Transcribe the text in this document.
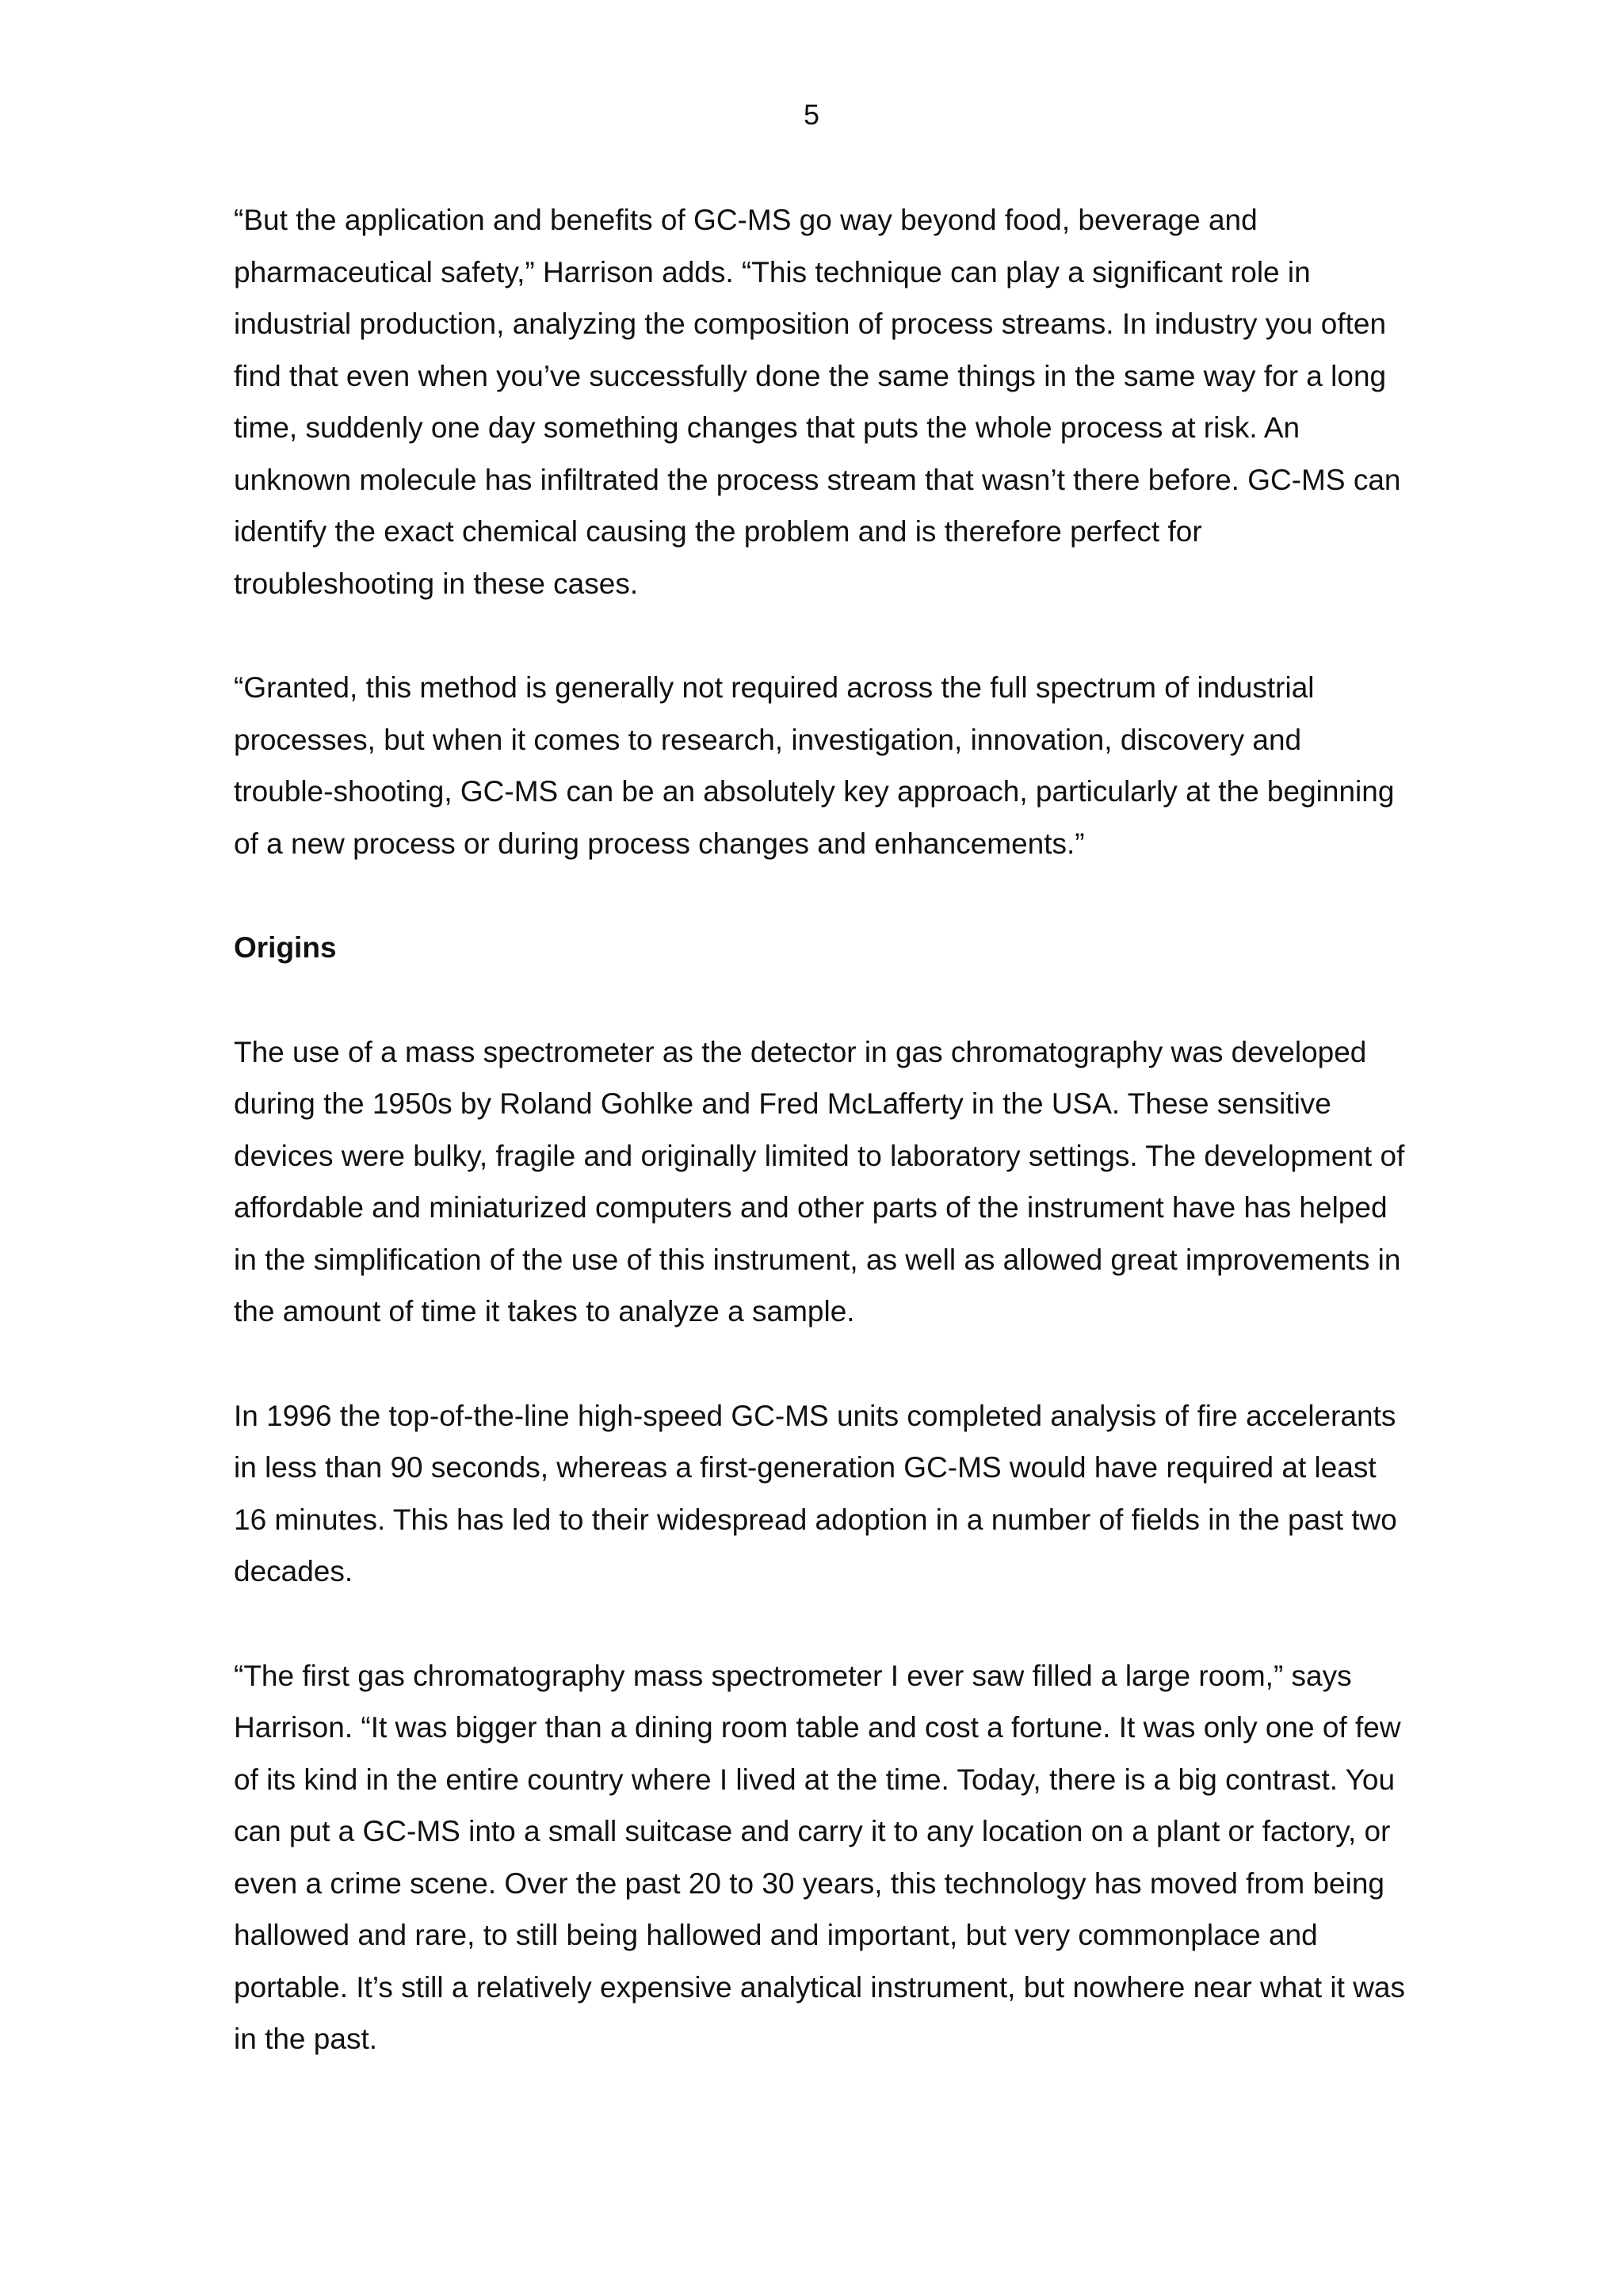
5

“But the application and benefits of GC-MS go way beyond food, beverage and pharmaceutical safety,” Harrison adds. “This technique can play a significant role in industrial production, analyzing the composition of process streams. In industry you often find that even when you’ve successfully done the same things in the same way for a long time, suddenly one day something changes that puts the whole process at risk. An unknown molecule has infiltrated the process stream that wasn’t there before. GC-MS can identify the exact chemical causing the problem and is therefore perfect for troubleshooting in these cases.

“Granted, this method is generally not required across the full spectrum of industrial processes, but when it comes to research, investigation, innovation, discovery and trouble-shooting, GC-MS can be an absolutely key approach, particularly at the beginning of a new process or during process changes and enhancements.”

Origins

The use of a mass spectrometer as the detector in gas chromatography was developed during the 1950s by Roland Gohlke and Fred McLafferty in the USA. These sensitive devices were bulky, fragile and originally limited to laboratory settings. The development of affordable and miniaturized computers and other parts of the instrument have has helped in the simplification of the use of this instrument, as well as allowed great improvements in the amount of time it takes to analyze a sample.

In 1996 the top-of-the-line high-speed GC-MS units completed analysis of fire accelerants in less than 90 seconds, whereas a first-generation GC-MS would have required at least 16 minutes. This has led to their widespread adoption in a number of fields in the past two decades.

“The first gas chromatography mass spectrometer I ever saw filled a large room,” says Harrison. “It was bigger than a dining room table and cost a fortune. It was only one of few of its kind in the entire country where I lived at the time. Today, there is a big contrast. You can put a GC-MS into a small suitcase and carry it to any location on a plant or factory, or even a crime scene. Over the past 20 to 30 years, this technology has moved from being hallowed and rare, to still being hallowed and important, but very commonplace and portable. It’s still a relatively expensive analytical instrument, but nowhere near what it was in the past.
